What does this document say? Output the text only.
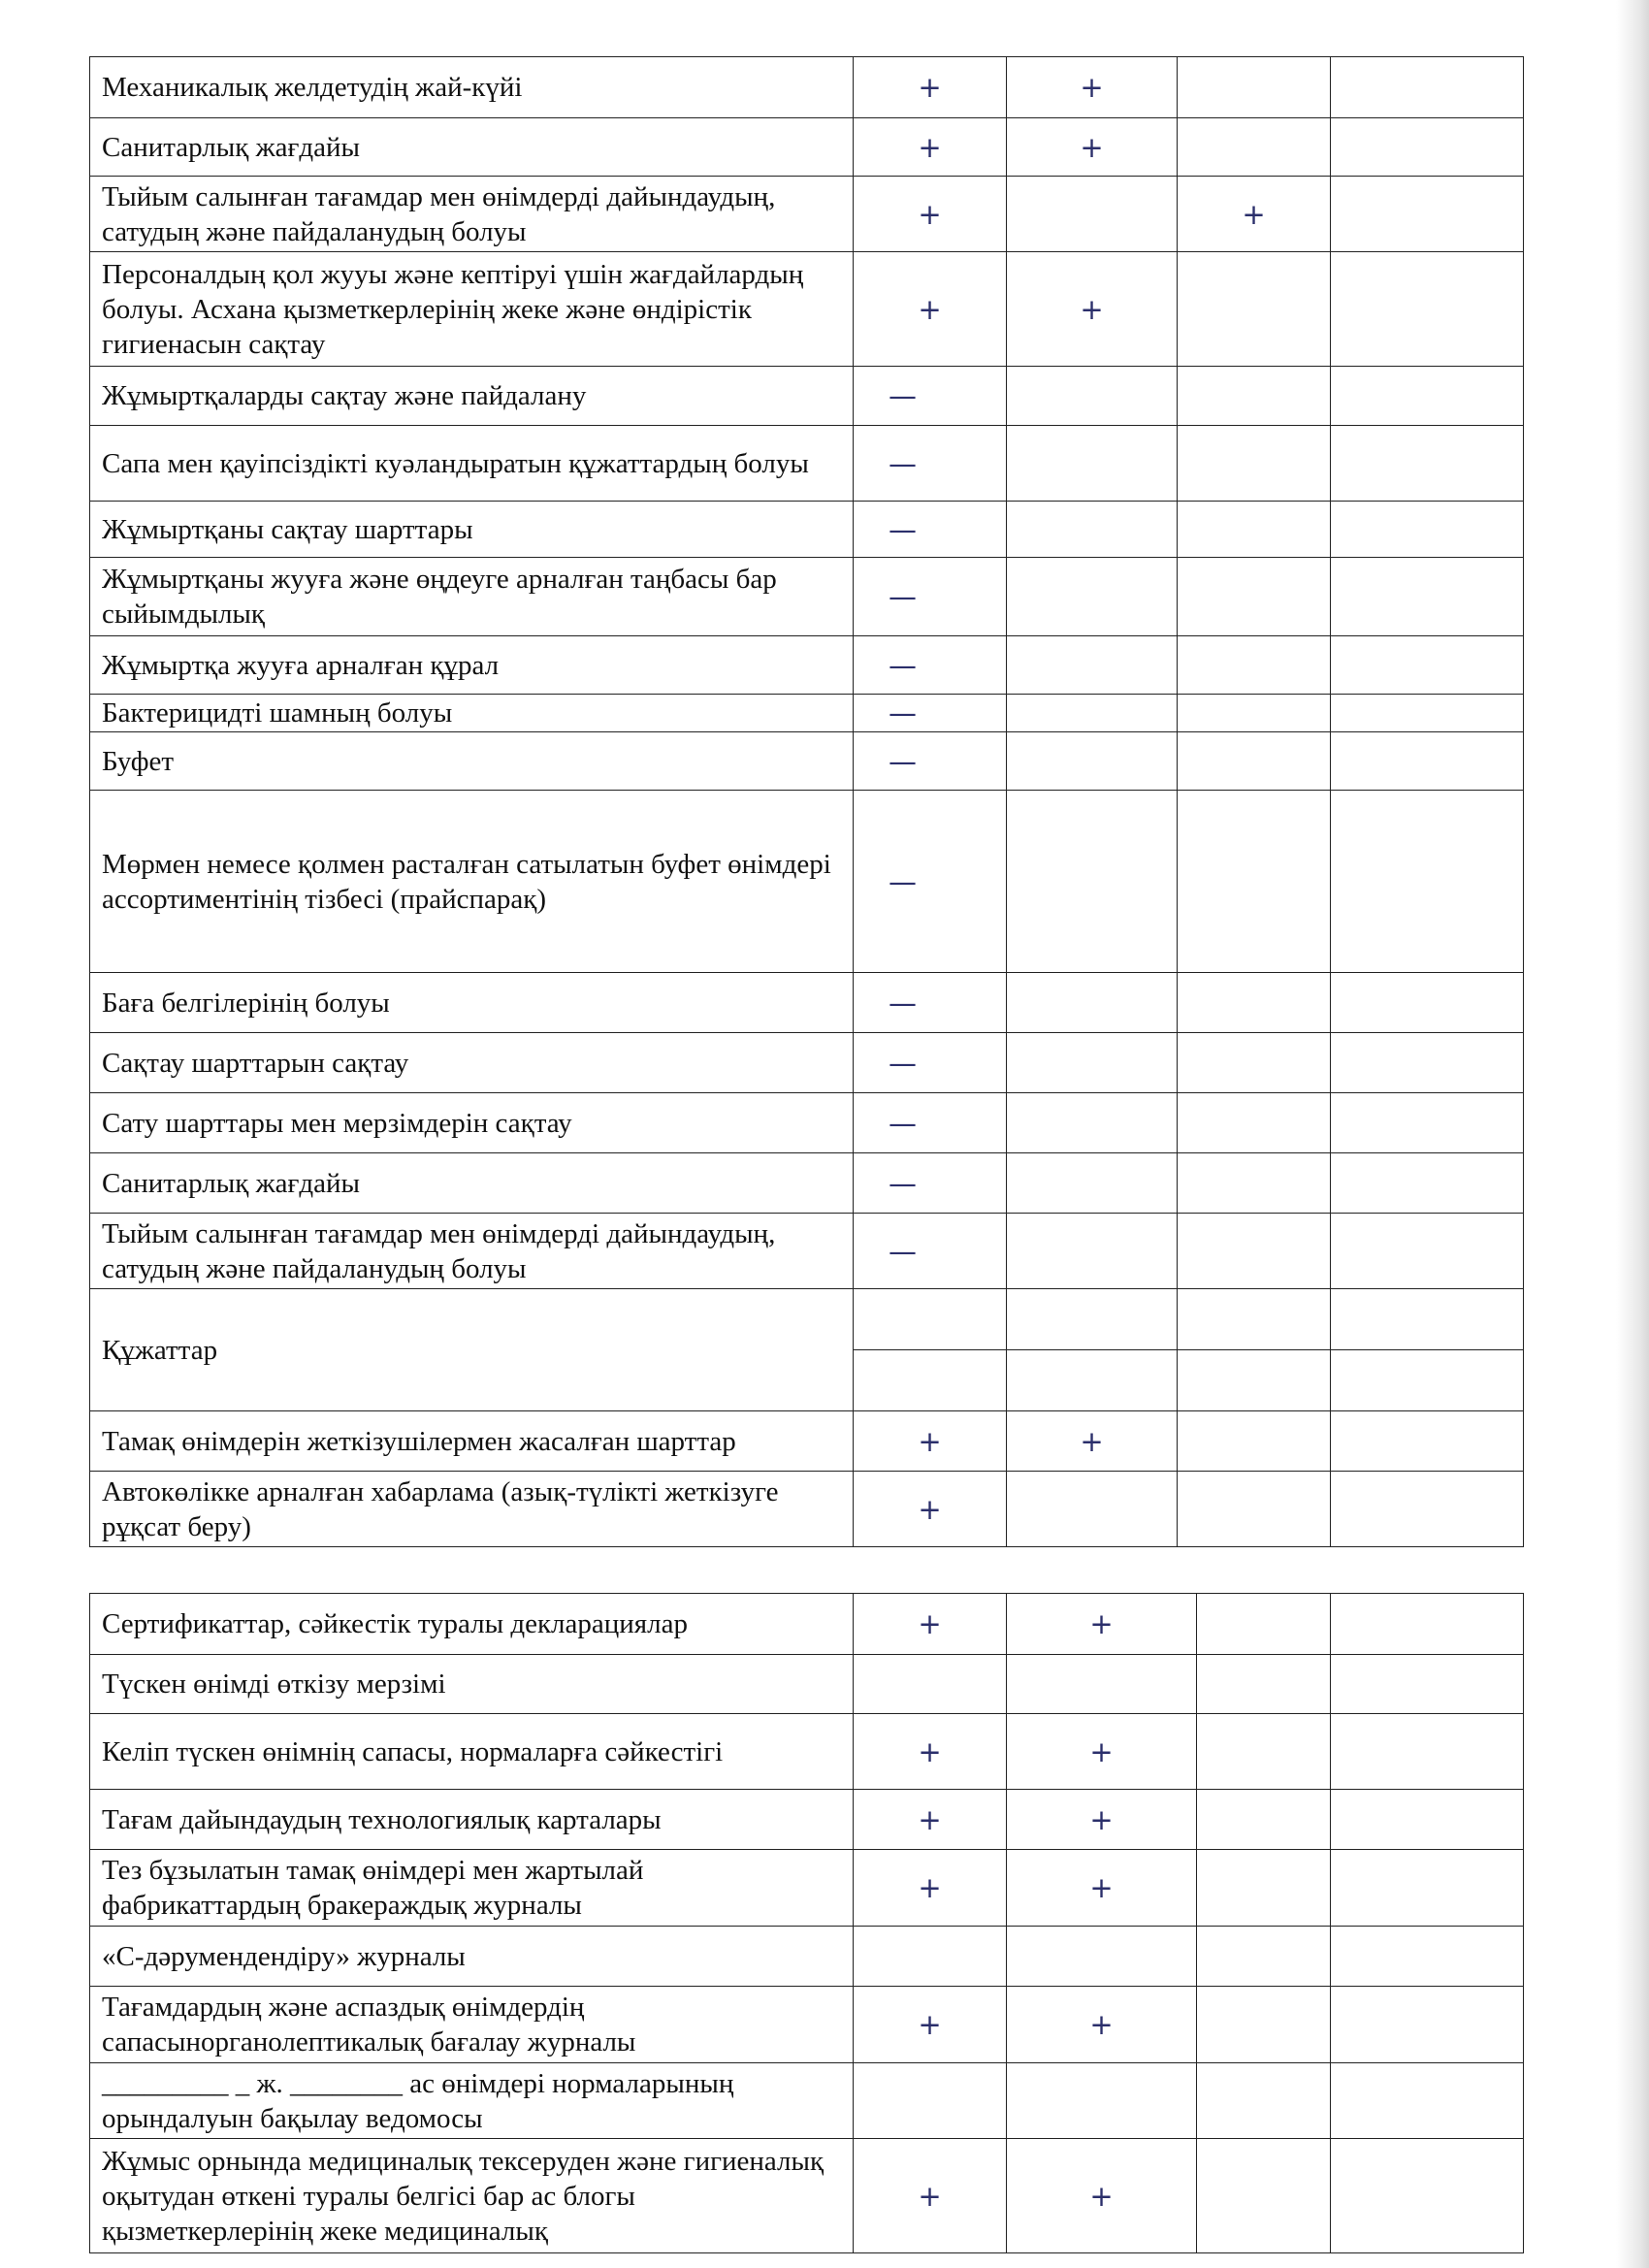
Механикалық желдетудің жай-күйі	+	+		
Санитарлық жағдайы	+	+		
Тыйым салынған тағамдар мен өнімдерді дайындаудың, сатудың және пайдаланудың болуы	+		+	
Персоналдың қол жууы және кептіруі үшін жағдайлардың болуы. Асхана қызметкерлерінің жеке және өндірістік гигиенасын сақтау	+	+		
Жұмыртқаларды сақтау және пайдалану	—			
Сапа мен қауіпсіздікті куәландыратын құжаттардың болуы	—			
Жұмыртқаны сақтау шарттары	—			
Жұмыртқаны жууға және өңдеуге арналған таңбасы бар сыйымдылық	—			
Жұмыртқа жууға арналған құрал	—			
Бактерицидті шамның болуы	—			
Буфет	—			
Мөрмен немесе қолмен расталған сатылатын буфет өнімдері ассортиментінің тізбесі (прайспарақ)	—			
Баға белгілерінің болуы	—			
Сақтау шарттарын сақтау	—			
Сату шарттары мен мерзімдерін сақтау	—			
Санитарлық жағдайы	—			
Тыйым салынған тағамдар мен өнімдерді дайындаудың, сатудың және пайдаланудың болуы	—			
Құжаттар				

Тамақ өнімдерін жеткізушілермен жасалған шарттар	+	+		
Автокөлікке арналған хабарлама (азық-түлікті жеткізуге рұқсат беру)	+			
Сертификаттар, сәйкестік туралы декларациялар	+	+		
Түскен өнімді өткізу мерзімі				
Келіп түскен өнімнің сапасы, нормаларға сәйкестігі	+	+		
Тағам дайындаудың технологиялық карталары	+	+		
Тез бұзылатын тамақ өнімдері мен жартылай фабрикаттардың бракераждық журналы	+	+		
«С-дәрумендендіру» журналы				
Тағамдардың және аспаздық өнімдердің сапасынорганолептикалық бағалау журналы	+	+		
_________ _ ж. ________ ас өнімдері нормаларының орындалуын бақылау ведомосы				
Жұмыс орнында медициналық тексеруден және гигиеналық оқытудан өткені туралы белгісі бар ас блогы қызметкерлерінің жеке медициналық	+	+		
